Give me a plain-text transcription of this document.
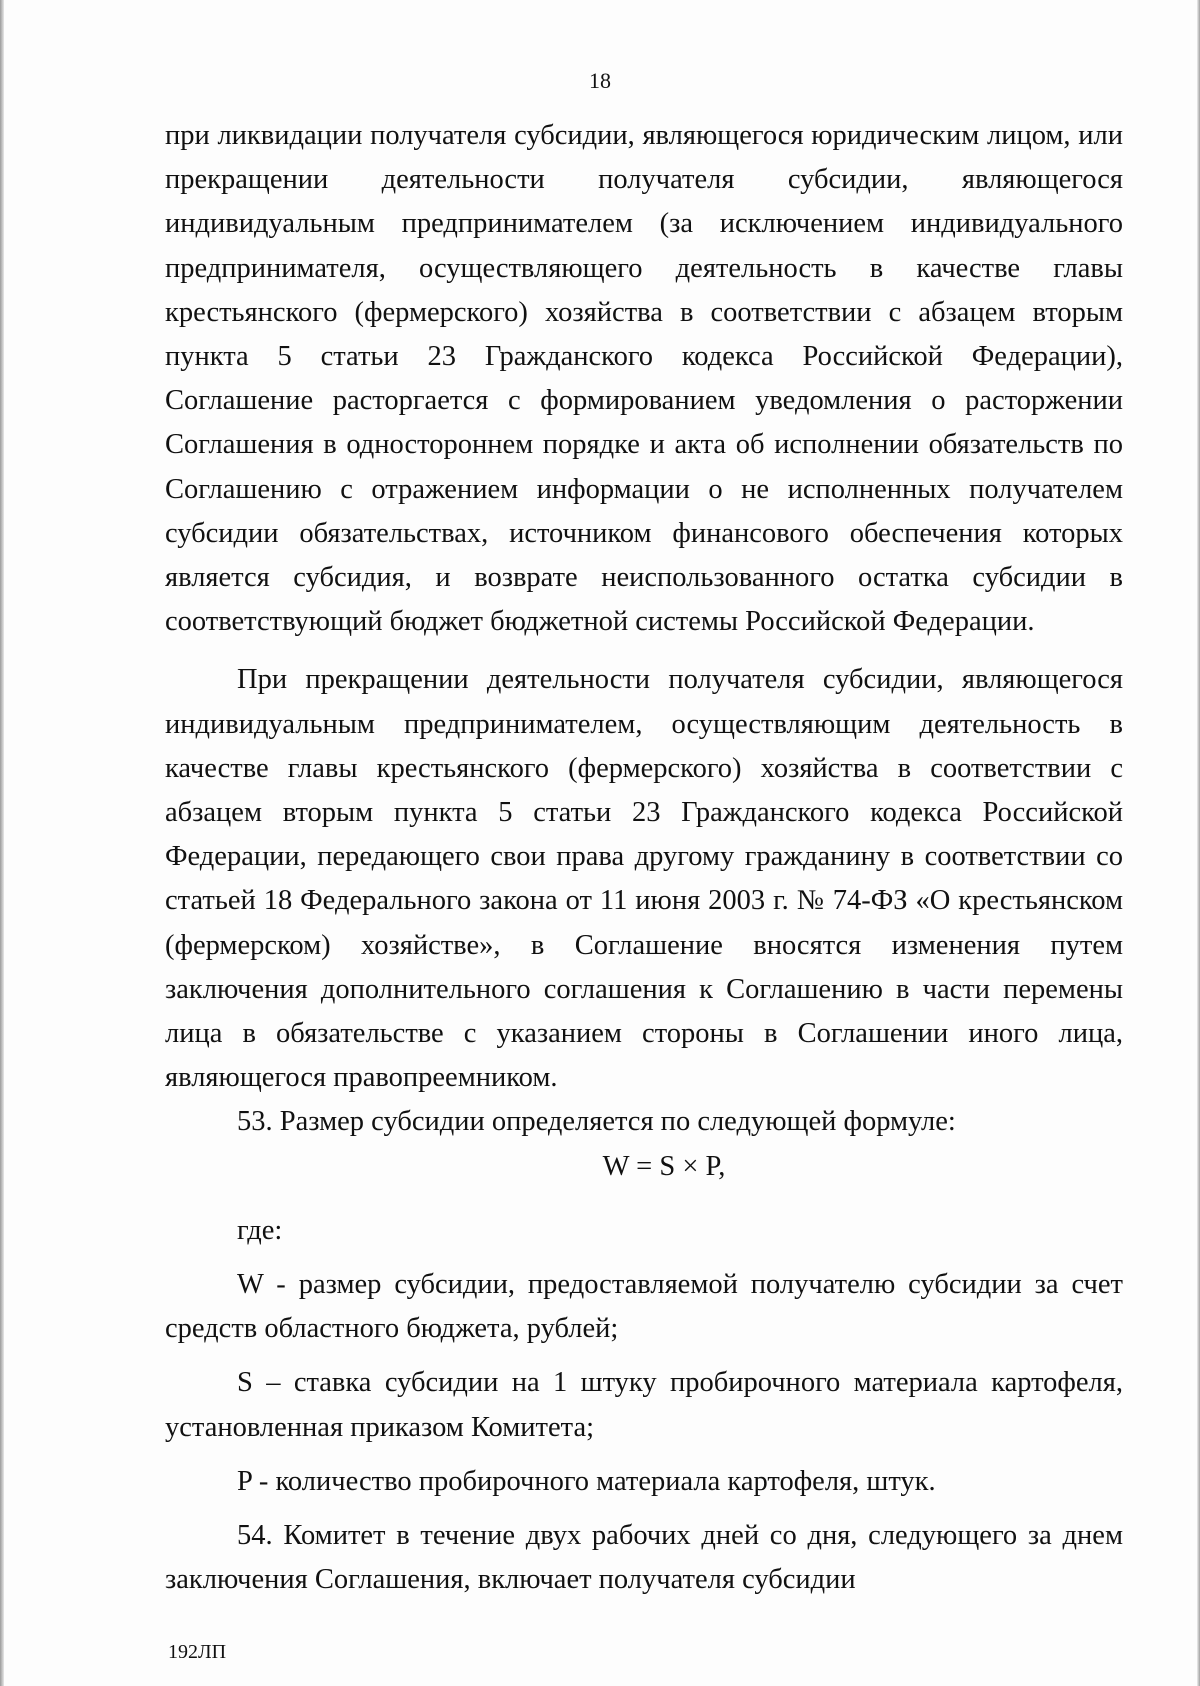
18

при ликвидации получателя субсидии, являющегося юридическим лицом, или прекращении деятельности получателя субсидии, являющегося индивидуальным предпринимателем (за исключением индивидуального предпринимателя, осуществляющего деятельность в качестве главы крестьянского (фермерского) хозяйства в соответствии с абзацем вторым пункта 5 статьи 23 Гражданского кодекса Российской Федерации), Соглашение расторгается с формированием уведомления о расторжении Соглашения в одностороннем порядке и акта об исполнении обязательств по Соглашению с отражением информации о не исполненных получателем субсидии обязательствах, источником финансового обеспечения которых является субсидия, и возврате неиспользованного остатка субсидии в соответствующий бюджет бюджетной системы Российской Федерации.

При прекращении деятельности получателя субсидии, являющегося индивидуальным предпринимателем, осуществляющим деятельность в качестве главы крестьянского (фермерского) хозяйства в соответствии с абзацем вторым пункта 5 статьи 23 Гражданского кодекса Российской Федерации, передающего свои права другому гражданину в соответствии со статьей 18 Федерального закона от 11 июня 2003 г. № 74-ФЗ «О крестьянском (фермерском) хозяйстве», в Соглашение вносятся изменения путем заключения дополнительного соглашения к Соглашению в части перемены лица в обязательстве с указанием стороны в Соглашении иного лица, являющегося правопреемником.

53. Размер субсидии определяется по следующей формуле:

W = S × P,

где:

W - размер субсидии, предоставляемой получателю субсидии за счет средств областного бюджета, рублей;

S – ставка субсидии на 1 штуку пробирочного материала картофеля, установленная приказом Комитета;

P - количество пробирочного материала картофеля, штук.

54. Комитет в течение двух рабочих дней со дня, следующего за днем заключения Соглашения, включает получателя субсидии

192ЛП
